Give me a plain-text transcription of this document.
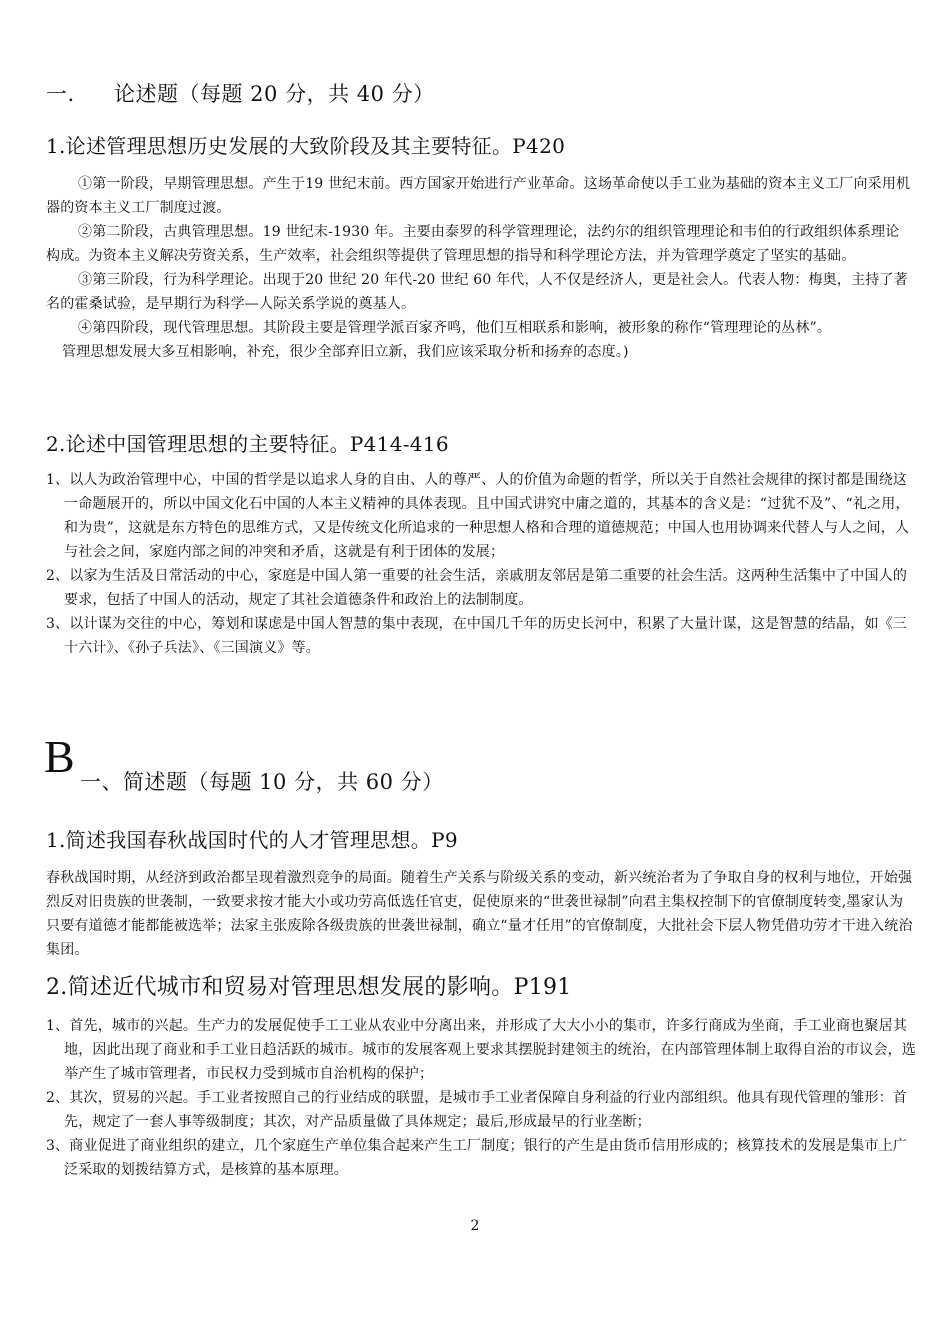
一. 论述题（每题 20 分，共 40 分）
1.论述管理思想历史发展的大致阶段及其主要特征。P420

①第一阶段，早期管理思想。产生于19 世纪末前。西方国家开始进行产业革命。这场革命使以手工业为基础的资本主义工厂向采用机器的资本主义工厂制度过渡。

②第二阶段，古典管理思想。19 世纪末-1930 年。主要由泰罗的科学管理理论，法约尔的组织管理理论和韦伯的行政组织体系理论构成。为资本主义解决劳资关系，生产效率，社会组织等提供了管理思想的指导和科学理论方法，并为管理学奠定了坚实的基础。

③第三阶段，行为科学理论。出现于20 世纪 20 年代-20 世纪 60 年代，人不仅是经济人，更是社会人。代表人物：梅奥，主持了著名的霍桑试验，是早期行为科学—人际关系学说的奠基人。

④第四阶段，现代管理思想。其阶段主要是管理学派百家齐鸣，他们互相联系和影响，被形象的称作“管理理论的丛林”。

管理思想发展大多互相影响，补充，很少全部弃旧立新，我们应该采取分析和扬弃的态度。)

2.论述中国管理思想的主要特征。P414-416

1、以人为政治管理中心，中国的哲学是以追求人身的自由、人的尊严、人的价值为命题的哲学，所以关于自然社会规律的探讨都是围绕这一命题展开的，所以中国文化石中国的人本主义精神的具体表现。且中国式讲究中庸之道的，其基本的含义是：“过犹不及”、“礼之用，和为贵”，这就是东方特色的思维方式，又是传统文化所追求的一种思想人格和合理的道德规范；中国人也用协调来代替人与人之间，人与社会之间，家庭内部之间的冲突和矛盾，这就是有利于团体的发展；

2、以家为生活及日常活动的中心，家庭是中国人第一重要的社会生活，亲戚朋友邻居是第二重要的社会生活。这两种生活集中了中国人的要求，包括了中国人的活动，规定了其社会道德条件和政治上的法制制度。

3、以计谋为交往的中心，筹划和谋虑是中国人智慧的集中表现，在中国几千年的历史长河中，积累了大量计谋，这是智慧的结晶，如《三十六计》、《孙子兵法》、《三国演义》等。

B 一、简述题（每题 10 分，共 60 分）
1.简述我国春秋战国时代的人才管理思想。P9

春秋战国时期，从经济到政治都呈现着激烈竞争的局面。随着生产关系与阶级关系的变动，新兴统治者为了争取自身的权利与地位，开始强烈反对旧贵族的世袭制，一致要求按才能大小或功劳高低选任官吏，促使原来的“世袭世禄制”向君主集权控制下的官僚制度转变,墨家认为只要有道德才能都能被选举；法家主张废除各级贵族的世袭世禄制，确立“量才任用”的官僚制度，大批社会下层人物凭借功劳才干进入统治集团。

2.简述近代城市和贸易对管理思想发展的影响。P191

1、首先，城市的兴起。生产力的发展促使手工工业从农业中分离出来，并形成了大大小小的集市，许多行商成为坐商，手工业商也聚居其地，因此出现了商业和手工业日趋活跃的城市。城市的发展客观上要求其摆脱封建领主的统治，在内部管理体制上取得自治的市议会，选举产生了城市管理者，市民权力受到城市自治机构的保护；

2、其次，贸易的兴起。手工业者按照自己的行业结成的联盟，是城市手工业者保障自身利益的行业内部组织。他具有现代管理的雏形：首先，规定了一套人事等级制度；其次，对产品质量做了具体规定；最后,形成最早的行业垄断；

3、商业促进了商业组织的建立，几个家庭生产单位集合起来产生工厂制度；银行的产生是由货币信用形成的；核算技术的发展是集市上广泛采取的划拨结算方式，是核算的基本原理。

2
